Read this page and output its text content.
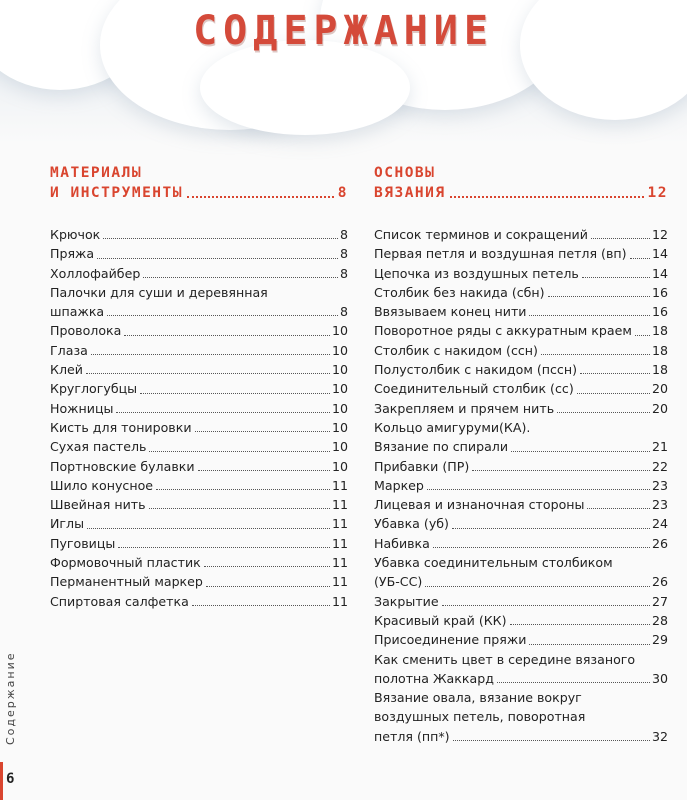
СОДЕРЖАНИЕ
МАТЕРИАЛЫ
И ИНСТРУМЕНТЫ	8
Крючок	8
Пряжа	8
Холлофайбер	8
Палочки для суши и деревянная
шпажка	8
Проволока	10
Глаза	10
Клей	10
Круглогубцы	10
Ножницы	10
Кисть для тонировки	10
Сухая пастель	10
Портновские булавки	10
Шило конусное	11
Швейная нить	11
Иглы	11
Пуговицы	11
Формовочный пластик	11
Перманентный маркер	11
Спиртовая салфетка	11
ОСНОВЫ
ВЯЗАНИЯ	12
Список терминов и сокращений	12
Первая петля и воздушная петля (вп) 14
Цепочка из воздушных петель	14
Столбик без накида (сбн)	16
Ввязываем конец нити	16
Поворотное ряды с аккуратным краем 18
Столбик с накидом (ссн)	18
Полустолбик с накидом (пссн)	18
Соединительный столбик (сс)	20
Закрепляем и прячем нить	20
Кольцо амигуруми(КА).
Вязание по спирали	21
Прибавки (ПР)	22
Маркер	23
Лицевая и изнаночная стороны	23
Убавка (уб)	24
Набивка	26
Убавка соединительным столбиком
(УБ-СС)	26
Закрытие	27
Красивый край (КК)	28
Присоединение пряжи	29
Как сменить цвет в середине вязаного
полотна Жаккард	30
Вязание овала, вязание вокруг
воздушных петель, поворотная
петля (пп*)	32
Содержание
6
